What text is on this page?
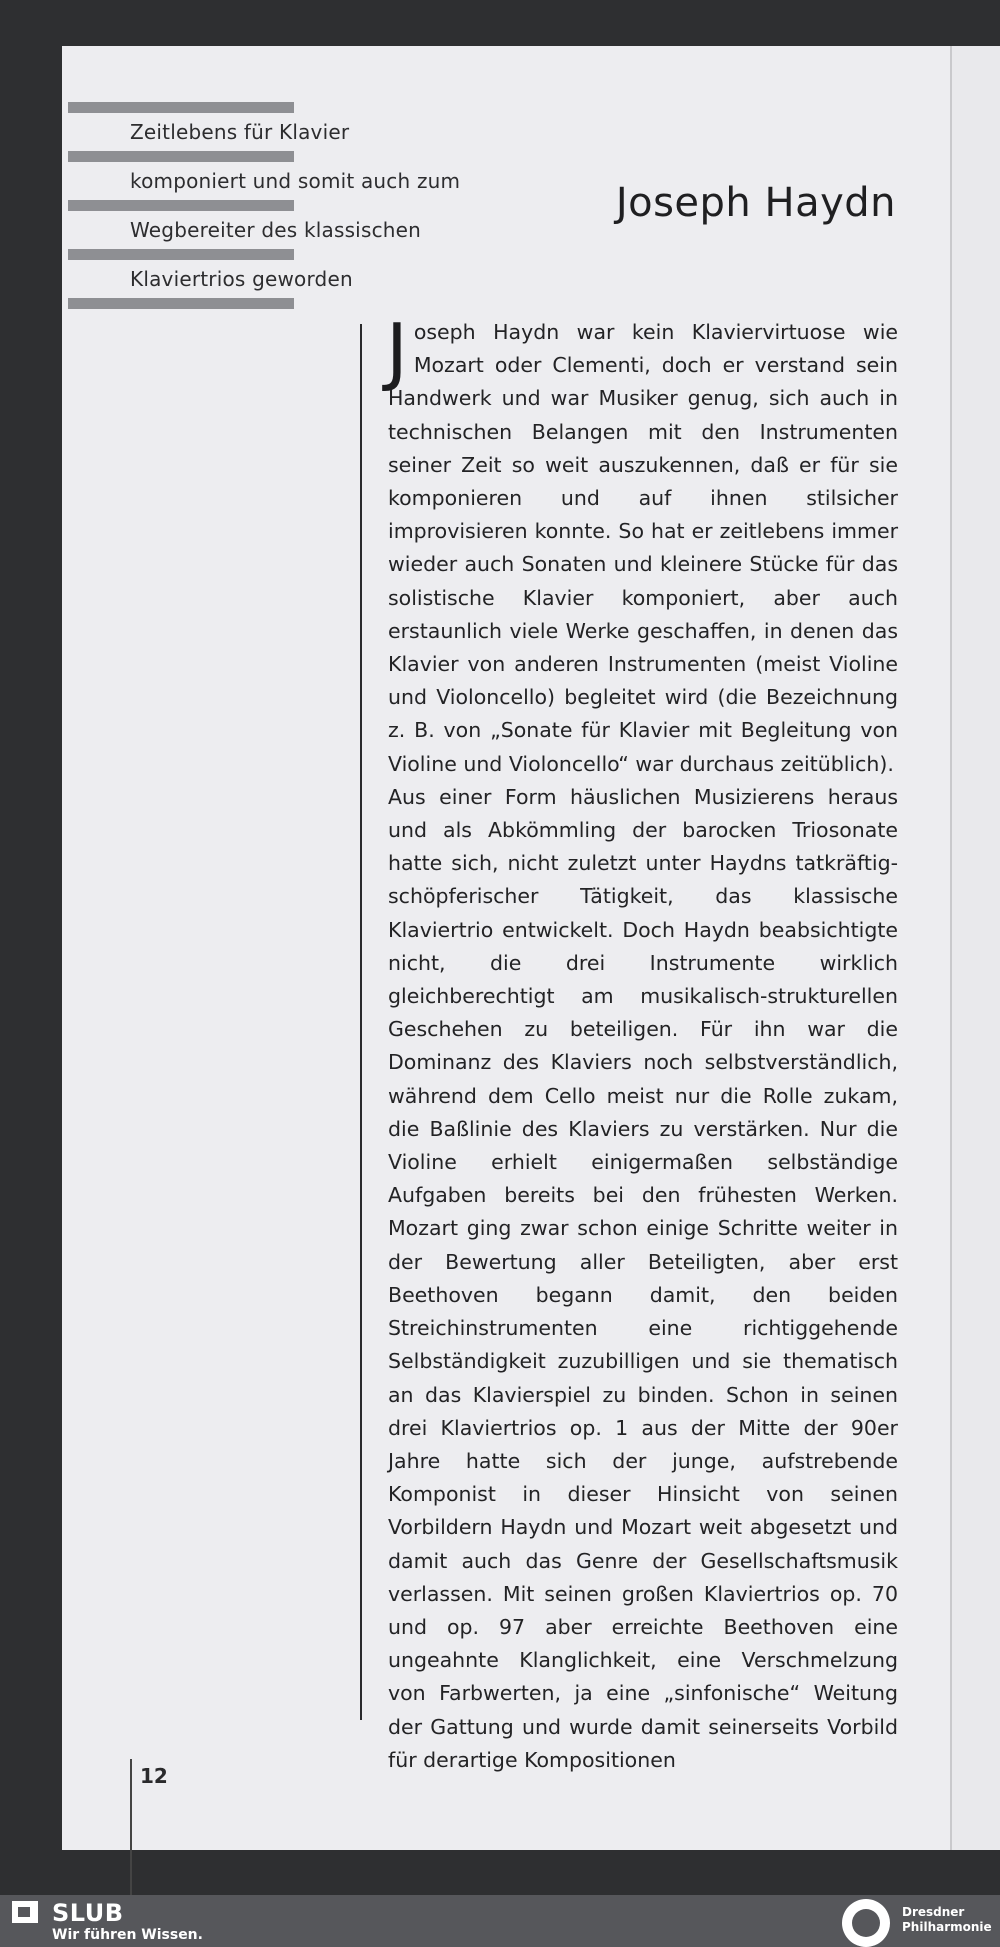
Zeitlebens für Klavier
komponiert und somit auch zum
Wegbereiter des klassischen
Klaviertrios geworden
Joseph Haydn

Joseph Haydn war kein Klaviervirtuose wie Mozart oder Clementi, doch er verstand sein Handwerk und war Musiker genug, sich auch in technischen Belangen mit den Instrumenten seiner Zeit so weit auszukennen, daß er für sie komponieren und auf ihnen stilsicher improvisieren konnte. So hat er zeitlebens immer wieder auch Sonaten und kleinere Stücke für das solistische Klavier komponiert, aber auch erstaunlich viele Werke geschaffen, in denen das Klavier von anderen Instrumenten (meist Violine und Violoncello) begleitet wird (die Bezeichnung z. B. von „Sonate für Klavier mit Begleitung von Violine und Violoncello“ war durchaus zeitüblich).

Aus einer Form häuslichen Musizierens heraus und als Abkömmling der barocken Triosonate hatte sich, nicht zuletzt unter Haydns tatkräftig-schöpferischer Tätigkeit, das klassische Klaviertrio entwickelt. Doch Haydn beabsichtigte nicht, die drei Instrumente wirklich gleichberechtigt am musikalisch-strukturellen Geschehen zu beteiligen. Für ihn war die Dominanz des Klaviers noch selbstverständlich, während dem Cello meist nur die Rolle zukam, die Baßlinie des Klaviers zu verstärken. Nur die Violine erhielt einigermaßen selbständige Aufgaben bereits bei den frühesten Werken. Mozart ging zwar schon einige Schritte weiter in der Bewertung aller Beteiligten, aber erst Beethoven begann damit, den beiden Streichinstrumenten eine richtiggehende Selbständigkeit zuzubilligen und sie thematisch an das Klavierspiel zu binden. Schon in seinen drei Klaviertrios op. 1 aus der Mitte der 90er Jahre hatte sich der junge, aufstrebende Komponist in dieser Hinsicht von seinen Vorbildern Haydn und Mozart weit abgesetzt und damit auch das Genre der Gesellschaftsmusik verlassen. Mit seinen großen Klaviertrios op. 70 und op. 97 aber erreichte Beethoven eine ungeahnte Klanglichkeit, eine Verschmelzung von Farbwerten, ja eine „sinfonische“ Weitung der Gattung und wurde damit seinerseits Vorbild für derartige Kompositionen

12
SLUB
Wir führen Wissen.
Dresdner
Philharmonie
